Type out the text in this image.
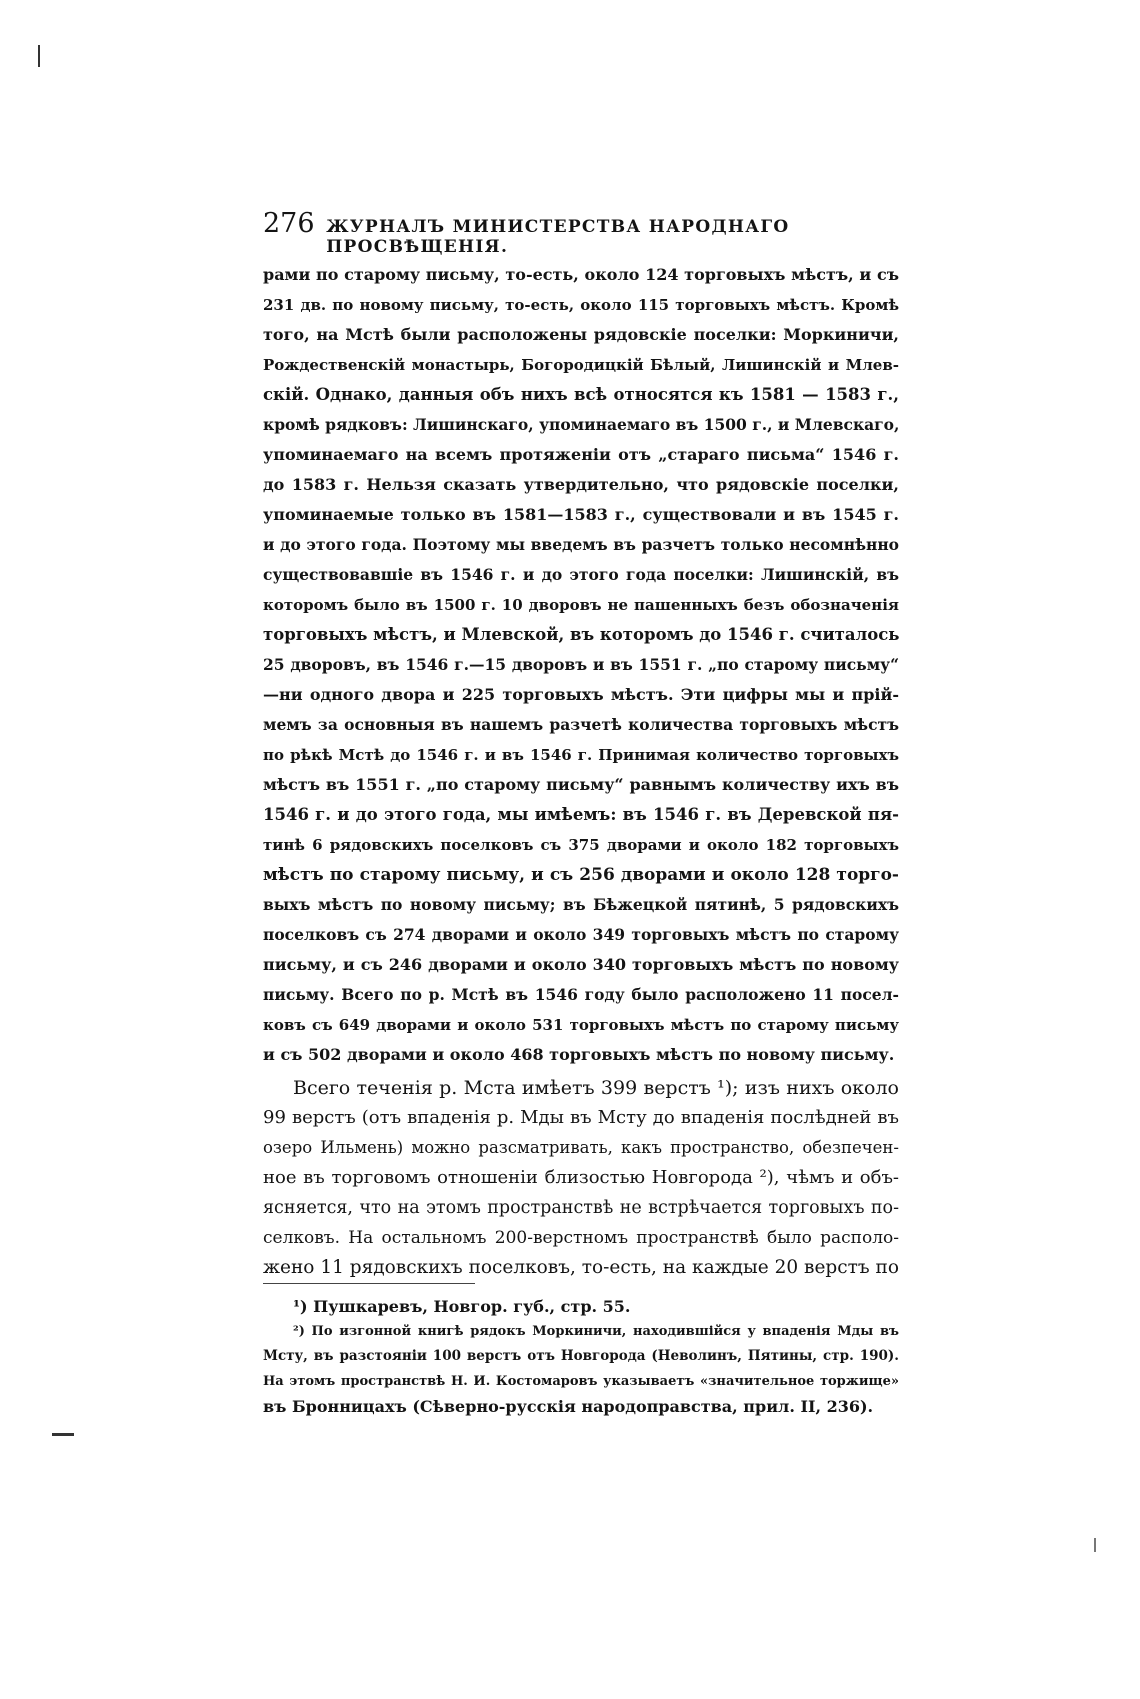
276 ЖУРНАЛЪ МИНИСТЕРСТВА НАРОДНАГО ПРОСВѢЩЕНІЯ.
рами по старому письму, то-есть, около 124 торговыхъ мѣстъ, и съ
231 дв. по новому письму, то-есть, около 115 торговыхъ мѣстъ. Кромѣ
того, на Мстѣ были расположены рядовскіе поселки: Моркиничи,
Рождественскій монастырь, Богородицкій Бѣлый, Лишинскій и Млев-
скій. Однако, данныя объ нихъ всѣ относятся къ 1581 — 1583 г.,
кромѣ рядковъ: Лишинскаго, упоминаемаго въ 1500 г., и Млевскаго,
упоминаемаго на всемъ протяженіи отъ „стараго письма“ 1546 г.
до 1583 г. Нельзя сказать утвердительно, что рядовскіе поселки,
упоминаемые только въ 1581—1583 г., существовали и въ 1545 г.
и до этого года. Поэтому мы введемъ въ разчетъ только несомнѣнно
существовавшіе въ 1546 г. и до этого года поселки: Лишинскій, въ
которомъ было въ 1500 г. 10 дворовъ не пашенныхъ безъ обозначенія
торговыхъ мѣстъ, и Млевской, въ которомъ до 1546 г. считалось
25 дворовъ, въ 1546 г.—15 дворовъ и въ 1551 г. „по старому письму“
—ни одного двора и 225 торговыхъ мѣстъ. Эти цифры мы и прій-
мемъ за основныя въ нашемъ разчетѣ количества торговыхъ мѣстъ
по рѣкѣ Мстѣ до 1546 г. и въ 1546 г. Принимая количество торговыхъ
мѣстъ въ 1551 г. „по старому письму“ равнымъ количеству ихъ въ
1546 г. и до этого года, мы имѣемъ: въ 1546 г. въ Деревской пя-
тинѣ 6 рядовскихъ поселковъ съ 375 дворами и около 182 торговыхъ
мѣстъ по старому письму, и съ 256 дворами и около 128 торго-
выхъ мѣстъ по новому письму; въ Бѣжецкой пятинѣ, 5 рядовскихъ
поселковъ съ 274 дворами и около 349 торговыхъ мѣстъ по старому
письму, и съ 246 дворами и около 340 торговыхъ мѣстъ по новому
письму. Всего по р. Мстѣ въ 1546 году было расположено 11 посел-
ковъ съ 649 дворами и около 531 торговыхъ мѣстъ по старому письму
и съ 502 дворами и около 468 торговыхъ мѣстъ по новому письму.
Всего теченія р. Мста имѣетъ 399 верстъ ¹); изъ нихъ около
99 верстъ (отъ впаденія р. Мды въ Мсту до впаденія послѣдней въ
озеро Ильмень) можно разсматривать, какъ пространство, обезпечен-
ное въ торговомъ отношеніи близостью Новгорода ²), чѣмъ и объ-
ясняется, что на этомъ пространствѣ не встрѣчается торговыхъ по-
селковъ. На остальномъ 200-верстномъ пространствѣ было располо-
жено 11 рядовскихъ поселковъ, то-есть, на каждые 20 верстъ по
¹) Пушкаревъ, Новгор. губ., стр. 55.
²) По изгонной книгѣ рядокъ Моркиничи, находившійся у впаденія Мды въ
Мсту, въ разстояніи 100 верстъ отъ Новгорода (Неволинъ, Пятины, стр. 190).
На этомъ пространствѣ Н. И. Костомаровъ указываетъ «значительное торжище»
въ Бронницахъ (Сѣверно-русскія народоправства, прил. II, 236).
